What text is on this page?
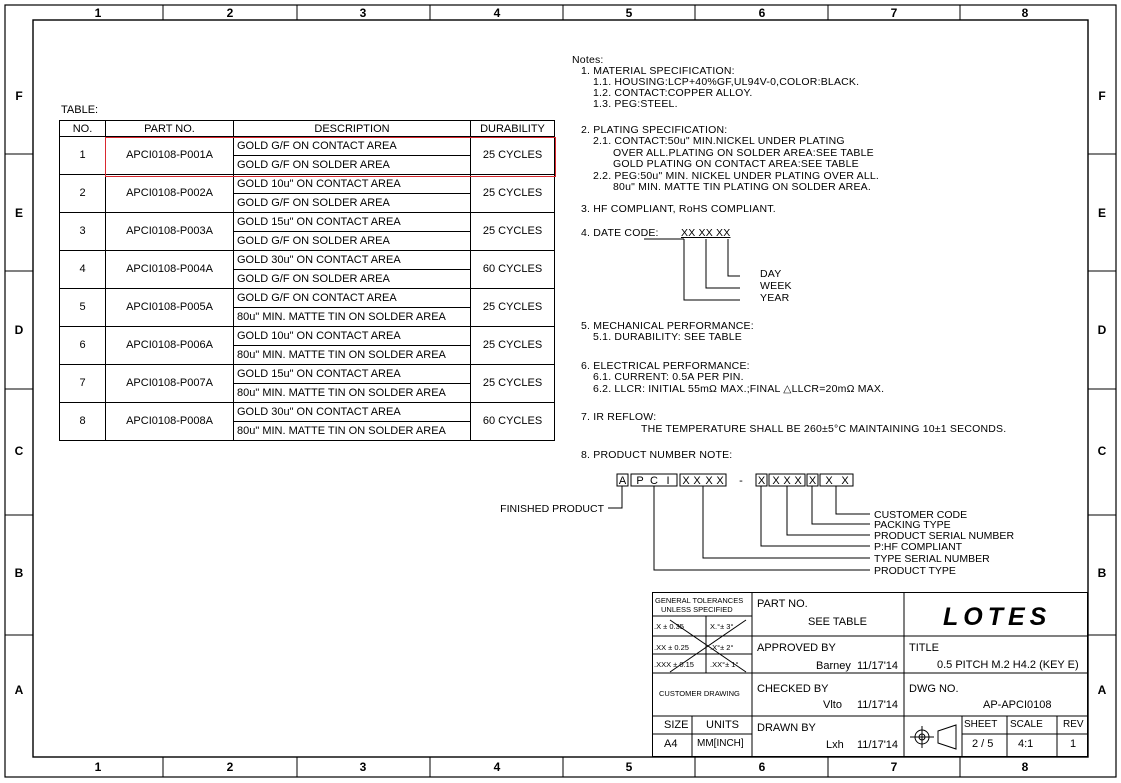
1	2	3	4	5	6	7	8
1	2	3	4	5	6	7	8
F
E
D
C
B
A
F
E
D
C
B
A
TABLE:
NO.	PART NO.	DESCRIPTION	DURABILITY
1	APCI0108-P001A	GOLD G/F ON CONTACT AREA	25 CYCLES
		GOLD G/F ON SOLDER AREA	
2	APCI0108-P002A	GOLD 10u" ON CONTACT AREA	25 CYCLES
		GOLD G/F ON SOLDER AREA	
3	APCI0108-P003A	GOLD 15u" ON CONTACT AREA	25 CYCLES
		GOLD G/F ON SOLDER AREA	
4	APCI0108-P004A	GOLD 30u" ON CONTACT AREA	60 CYCLES
		GOLD G/F ON SOLDER AREA	
5	APCI0108-P005A	GOLD G/F ON CONTACT AREA	25 CYCLES
		80u" MIN. MATTE TIN ON SOLDER AREA	
6	APCI0108-P006A	GOLD 10u" ON CONTACT AREA	25 CYCLES
		80u" MIN. MATTE TIN ON SOLDER AREA	
7	APCI0108-P007A	GOLD 15u" ON CONTACT AREA	25 CYCLES
		80u" MIN. MATTE TIN ON SOLDER AREA	
8	APCI0108-P008A	GOLD 30u" ON CONTACT AREA	60 CYCLES
		80u" MIN. MATTE TIN ON SOLDER AREA	
Notes:
1. MATERIAL SPECIFICATION:
1.1. HOUSING:LCP+40%GF,UL94V-0,COLOR:BLACK.
1.2. CONTACT:COPPER ALLOY.
1.3. PEG:STEEL.
2. PLATING SPECIFICATION:
2.1. CONTACT:50u" MIN.NICKEL UNDER PLATING
OVER ALL.PLATING ON SOLDER AREA:SEE TABLE
GOLD PLATING ON CONTACT AREA:SEE TABLE
2.2. PEG:50u" MIN. NICKEL UNDER PLATING OVER ALL.
80u" MIN. MATTE TIN PLATING ON SOLDER AREA.
3. HF COMPLIANT, RoHS COMPLIANT.
4. DATE CODE: XX XX XX
DAY
WEEK
YEAR
5. MECHANICAL PERFORMANCE:
5.1. DURABILITY: SEE TABLE
6. ELECTRICAL PERFORMANCE:
6.1. CURRENT: 0.5A PER PIN.
6.2. LLCR: INITIAL 55mΩ MAX.;FINAL △LLCR=20mΩ MAX.
7. IR REFLOW:
THE TEMPERATURE SHALL BE 260±5°C MAINTAINING 10±1 SECONDS.
8. PRODUCT NUMBER NOTE:
A P C I X X X X - X X X X X X X
FINISHED PRODUCT	CUSTOMER CODE
PACKING TYPE
PRODUCT SERIAL NUMBER
P:HF COMPLIANT
TYPE SERIAL NUMBER
PRODUCT TYPE
GENERAL TOLERANCES
UNLESS SPECIFIED
.X ± 0.35	X.°± 3°
.XX ± 0.25	.X°± 2°
.XXX ± 0.15 .XX°± 1°
CUSTOMER DRAWING
SIZE
A4
UNITS
MM[INCH]
PART NO.
SEE TABLE
APPROVED BY
Barney 11/17'14
CHECKED BY
Vlto 11/17'14
DRAWN BY
Lxh 11/17'14
LOTES
TITLE
0.5 PITCH M.2 H4.2 (KEY E)
DWG NO.
AP-APCI0108
SHEET
2 / 5
SCALE
4:1
REV
1
